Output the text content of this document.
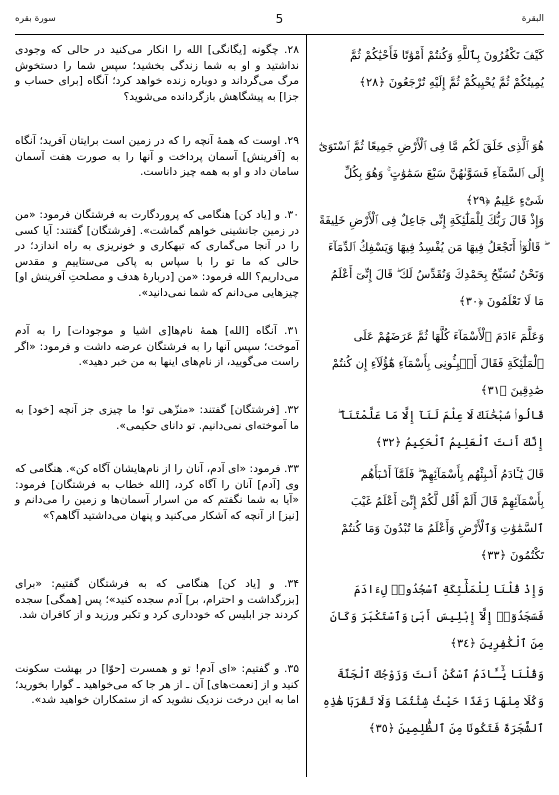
البقرة
5
سورة بقره
۲۸. چگونه [یگانگی] الله را انکار می‌کنید در حالی که وجودی نداشتید و او به شما زندگی بخشید؛ سپس شما را دستخوش مرگ می‌گرداند و دوباره زنده خواهد کرد؛ آنگاه [برای حساب و جزا] به پیشگاهش بازگردانده می‌شوید؟
كَيْفَ تَكْفُرُونَ بِٱللَّهِ وَكُنتُمْ أَمْوَٰتًا فَأَحْيَٰكُمْ ثُمَّ يُمِيتُكُمْ ثُمَّ يُحْيِيكُمْ ثُمَّ إِلَيْهِ تُرْجَعُونَ ﴿٢٨﴾
۲۹. اوست که همهٔ آنچه را که در زمین است برایتان آفرید؛ آنگاه به [آفرینش] آسمان پرداخت و آنها را به صورت هفت آسمان سامان داد و او به همه چیز داناست.
هُوَ ٱلَّذِى خَلَقَ لَكُم مَّا فِى ٱلْأَرْضِ جَمِيعًا ثُمَّ ٱسْتَوَىٰٓ إِلَى ٱلسَّمَآءِ فَسَوَّىٰهُنَّ سَبْعَ سَمَٰوَٰتٍ ۚ وَهُوَ بِكُلِّ شَىْءٍ عَلِيمٌ ﴿٢٩﴾
۳۰. و [یاد کن] هنگامی که پروردگارت به فرشتگان فرمود: «من در زمین جانشینی خواهم گماشت». [فرشتگان] گفتند: آیا کسی را در آنجا می‌گماری که تبهکاری و خونریزی به راه اندازد؛ در حالی که ما تو را با سپاس به پاکی می‌ستاییم و مقدس می‌داریم؟ الله فرمود: «من [دربارهٔ هدف و مصلحتِ آفرینش او] چیزهایی می‌دانم که شما نمی‌دانید».
وَإِذْ قَالَ رَبُّكَ لِلْمَلَٰٓئِكَةِ إِنِّى جَاعِلٌ فِى ٱلْأَرْضِ خَلِيفَةً ۖ قَالُوٓا۟ أَتَجْعَلُ فِيهَا مَن يُفْسِدُ فِيهَا وَيَسْفِكُ ٱلدِّمَآءَ وَنَحْنُ نُسَبِّحُ بِحَمْدِكَ وَنُقَدِّسُ لَكَ ۖ قَالَ إِنِّىٓ أَعْلَمُ مَا لَا تَعْلَمُونَ ﴿٣٠﴾
۳۱. آنگاه [الله] همهٔ نام‌ها[ی اشیا و موجودات] را به آدم آموخت؛ سپس آنها را به فرشتگان عرضه داشت و فرمود: «اگر راست می‌گویید، از نام‌های اینها به من خبر دهید».
وَعَلَّمَ ءَادَمَ ٱلْأَسْمَآءَ كُلَّهَا ثُمَّ عَرَضَهُمْ عَلَى ٱلْمَلَٰٓئِكَةِ فَقَالَ أَنۢبِـُٔونِى بِأَسْمَآءِ هَٰٓؤُلَآءِ إِن كُنتُمْ صَٰدِقِينَ ﴿٣١﴾
۳۲. [فرشتگان] گفتند: «منزّهی تو! ما چیزی جز آنچه [خود] به ما آموخته‌ای نمی‌دانیم. تو دانای حکیمی».
قَالُوا۟ سُبْحَٰنَكَ لَا عِلْمَ لَنَآ إِلَّا مَا عَلَّمْتَنَآ ۖ إِنَّكَ أَنتَ ٱلْعَلِيمُ ٱلْحَكِيمُ ﴿٣٢﴾
۳۳. فرمود: «ای آدم، آنان را از نام‌هایشان آگاه کن». هنگامی که وی [آدم] آنان را آگاه کرد، [الله خطاب به فرشتگان] فرمود: «آیا به شما نگفتم که من اسرار آسمان‌ها و زمین را می‌دانم و [نیز] از آنچه که آشکار می‌کنید و پنهان می‌داشتید آگاهم؟»
قَالَ يَٰٓـَٔادَمُ أَنۢبِئْهُم بِأَسْمَآئِهِمْ ۖ فَلَمَّآ أَنۢبَأَهُم بِأَسْمَآئِهِمْ قَالَ أَلَمْ أَقُل لَّكُمْ إِنِّىٓ أَعْلَمُ غَيْبَ ٱلسَّمَٰوَٰتِ وَٱلْأَرْضِ وَأَعْلَمُ مَا تُبْدُونَ وَمَا كُنتُمْ تَكْتُمُونَ ﴿٣٣﴾
۳۴. و [یاد کن] هنگامی که به فرشتگان گفتیم: «برای [بزرگداشت و احترام، بر] آدم سجده کنید»؛ پس [همگی] سجده کردند جز ابلیس که خودداری کرد و تکبر ورزید و از کافران شد.
وَإِذْ قُلْنَا لِلْمَلَٰٓئِكَةِ ٱسْجُدُوا۟ لِءَادَمَ فَسَجَدُوٓا۟ إِلَّآ إِبْلِيسَ أَبَىٰ وَٱسْتَكْبَرَ وَكَانَ مِنَ ٱلْكَٰفِرِينَ ﴿٣٤﴾
۳۵. و گفتیم: «ای آدم! تو و همسرت [حوّا] در بهشت سکونت کنید و از [نعمت‌های] آن ـ از هر جا که می‌خواهید ـ گوارا بخورید؛ اما به این درخت نزدیک نشوید که از ستمکاران خواهید شد».
وَقُلْنَا يَٰٓـَٔادَمُ ٱسْكُنْ أَنتَ وَزَوْجُكَ ٱلْجَنَّةَ وَكُلَا مِنْهَا رَغَدًا حَيْثُ شِئْتُمَا وَلَا تَقْرَبَا هَٰذِهِ ٱلشَّجَرَةَ فَتَكُونَا مِنَ ٱلظَّٰلِمِينَ ﴿٣٥﴾
